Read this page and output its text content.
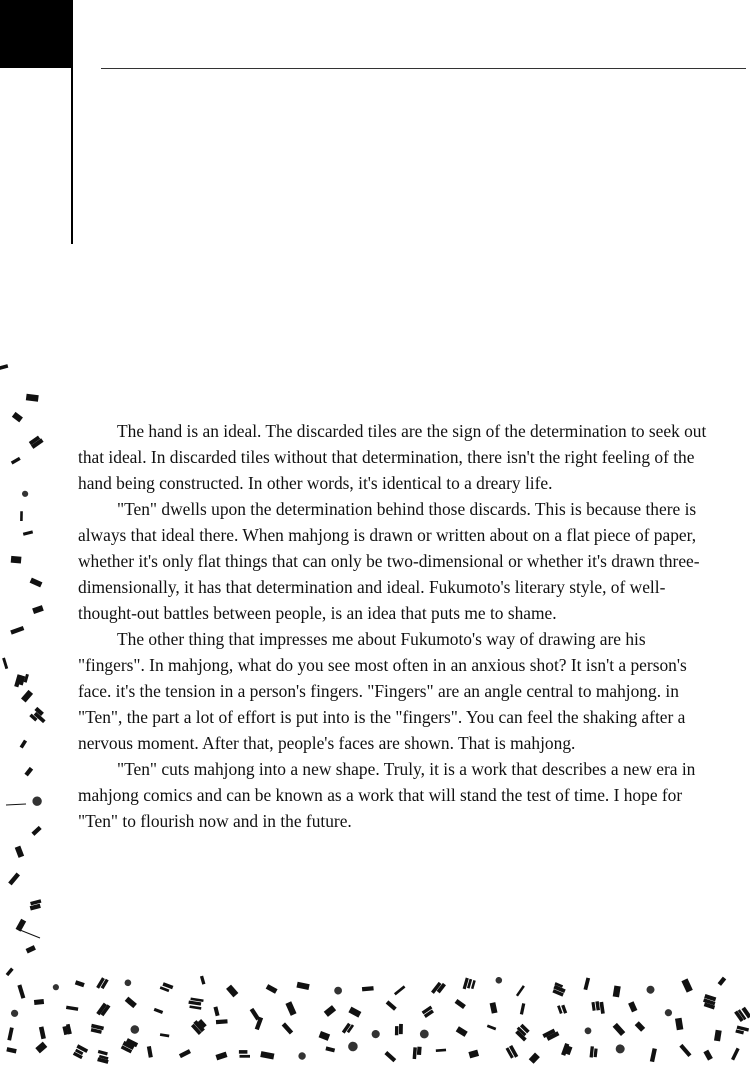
The hand is an ideal. The discarded tiles are the sign of the determination to seek out that ideal. In discarded tiles without that determination, there isn't the right feeling of the hand being constructed. In other words, it's identical to a dreary life.

"Ten" dwells upon the determination behind those discards. This is because there is always that ideal there. When mahjong is drawn or written about on a flat piece of paper, whether it's only flat things that can only be two-dimensional or whether it's drawn three-dimensionally, it has that determination and ideal. Fukumoto's literary style, of well-thought-out battles between people, is an idea that puts me to shame.

The other thing that impresses me about Fukumoto's way of drawing are his "fingers". In mahjong, what do you see most often in an anxious shot? It isn't a person's face. it's the tension in a person's fingers. "Fingers" are an angle central to mahjong. in "Ten", the part a lot of effort is put into is the "fingers". You can feel the shaking after a nervous moment. After that, people's faces are shown. That is mahjong.

"Ten" cuts mahjong into a new shape. Truly, it is a work that describes a new era in mahjong comics and can be known as a work that will stand the test of time. I hope for "Ten" to flourish now and in the future.
